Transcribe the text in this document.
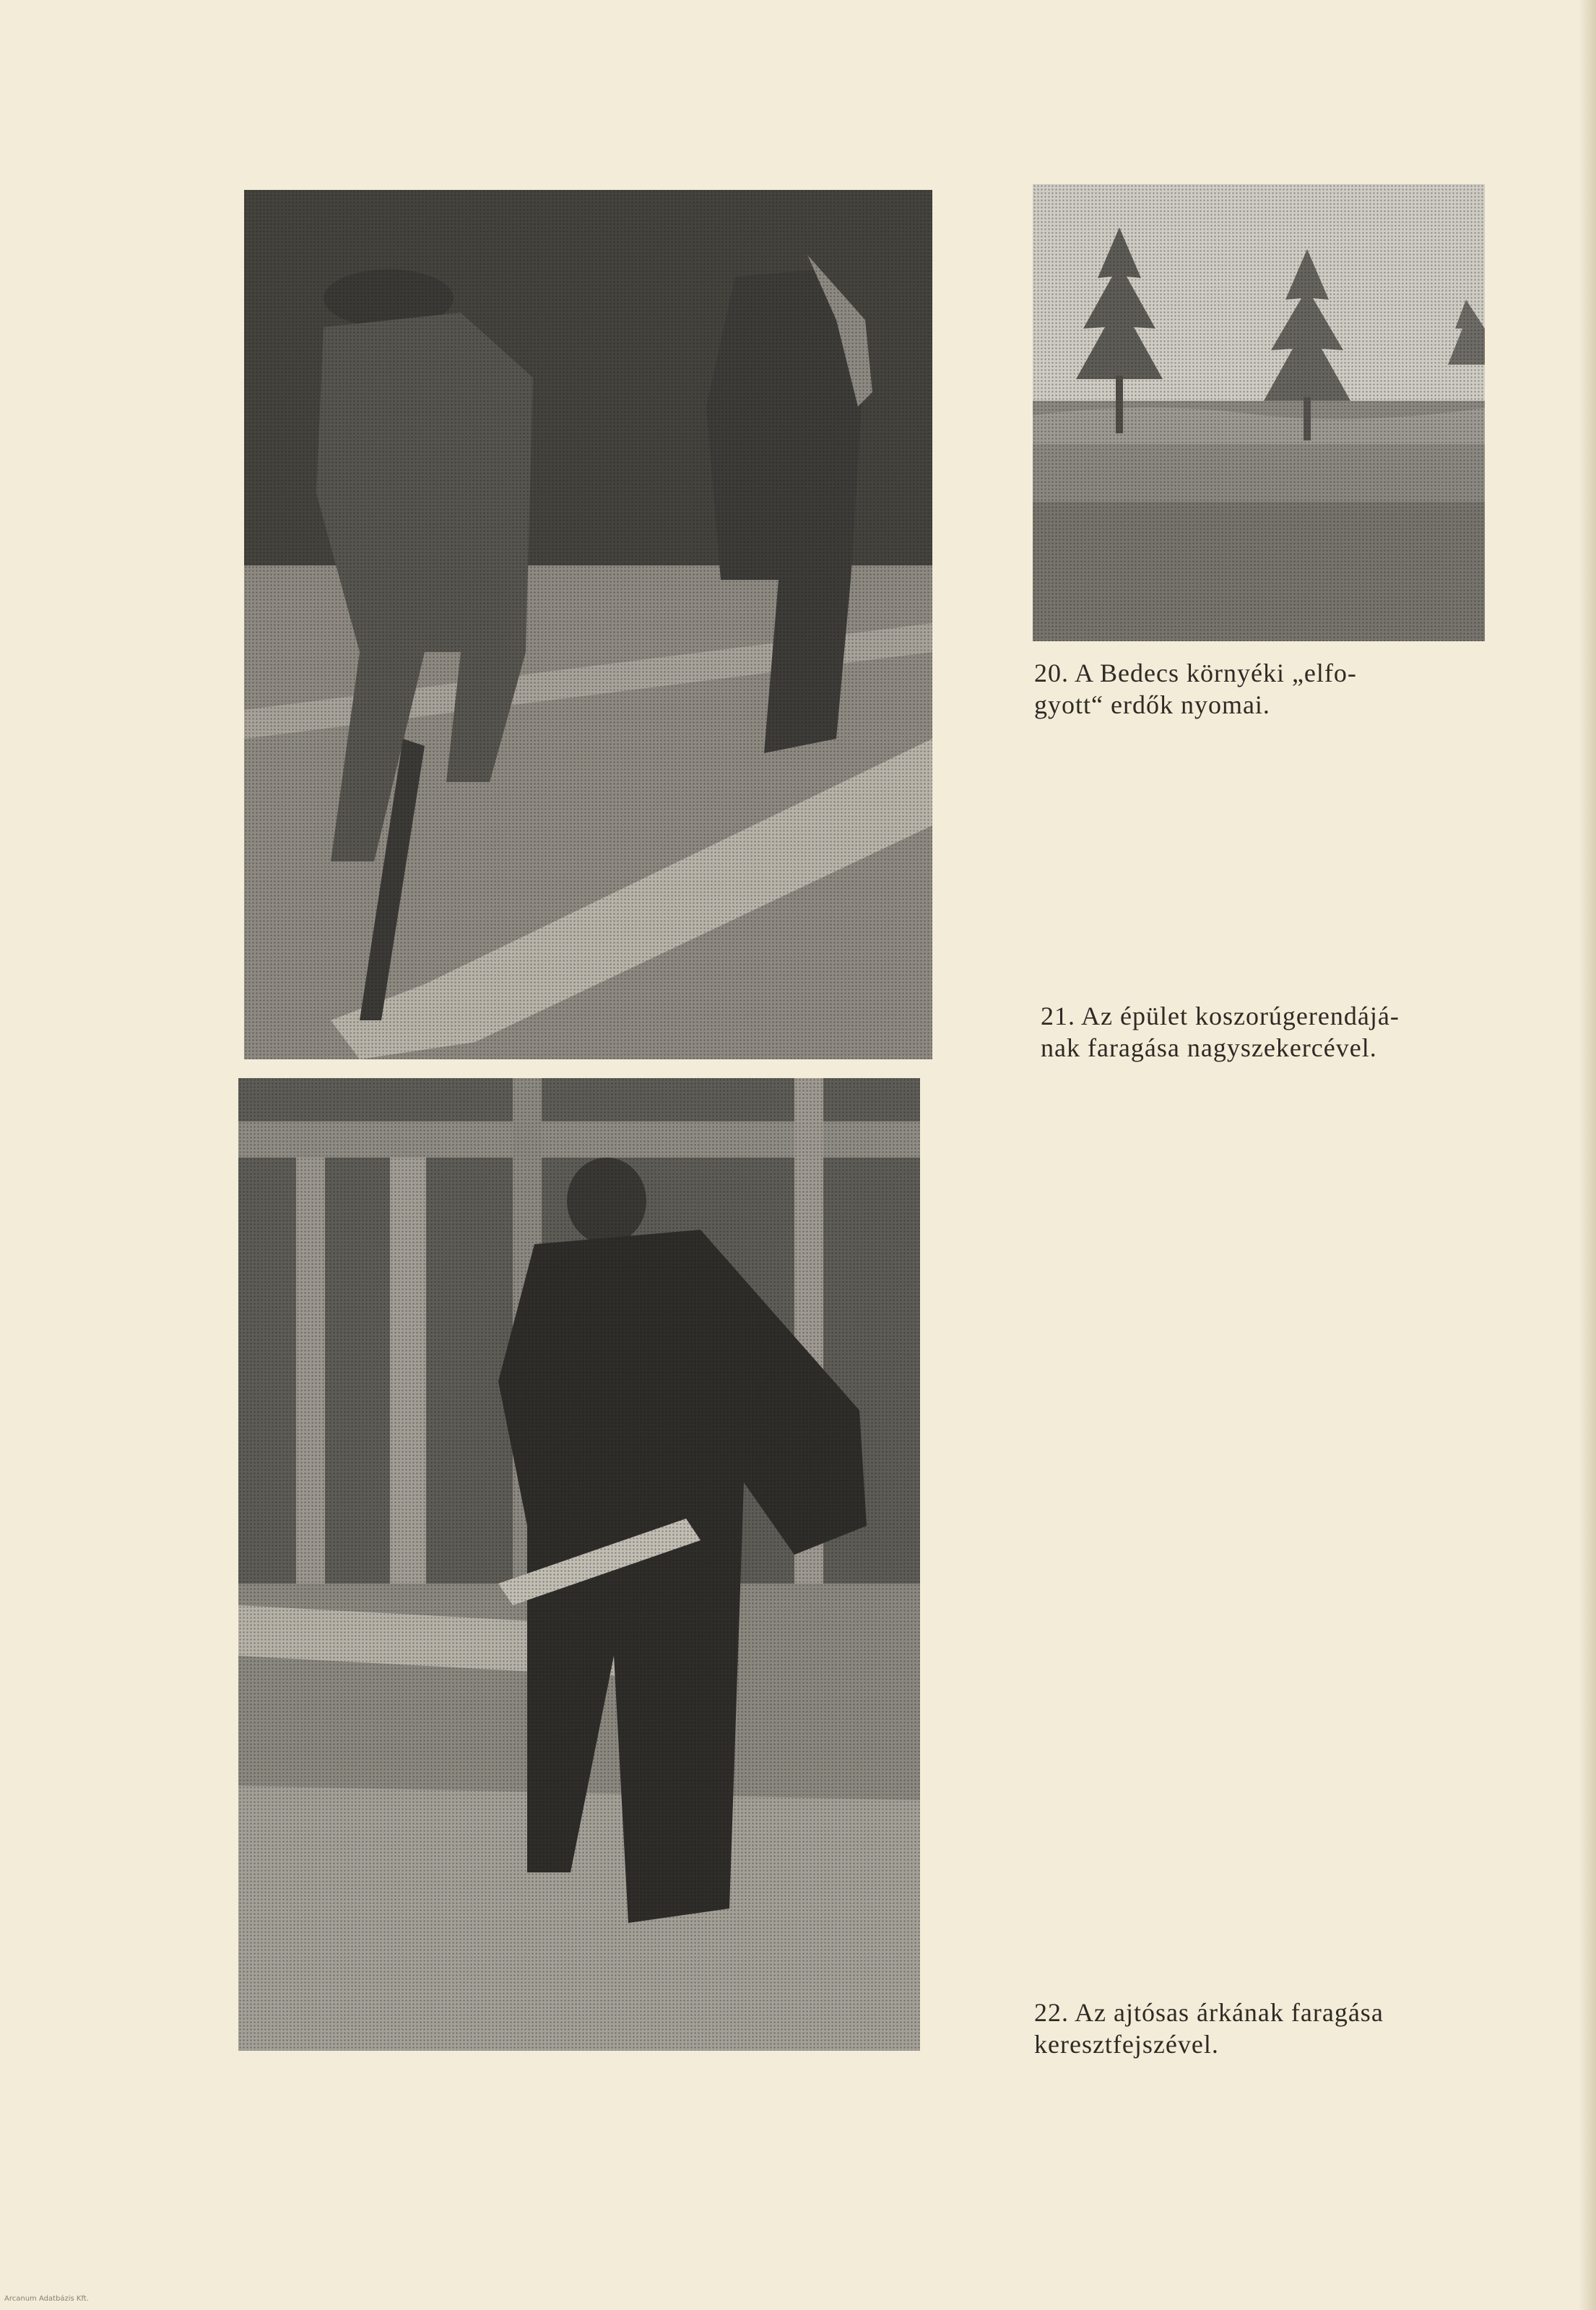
20. A Bedecs környéki „elfo-
gyott“ erdők nyomai.
21. Az épület koszorúgerendájá-
nak faragása nagyszekercével.
22. Az ajtósas árkának faragása
keresztfejszével.
Arcanum Adatbázis Kft.
